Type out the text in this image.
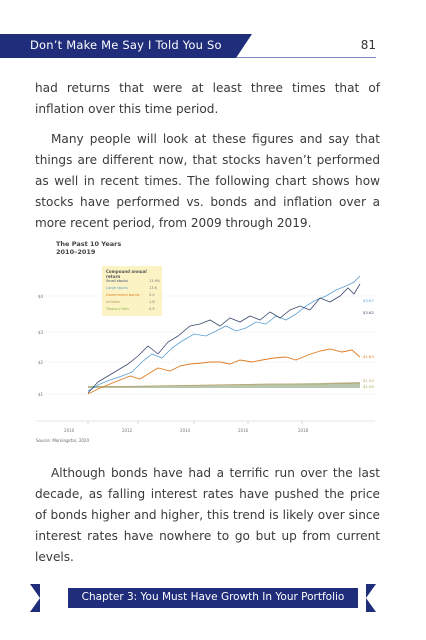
Don’t Make Me Say I Told You So	81
had returns that were at least three times that of inflation over this time period.
Many people will look at these figures and say that things are different now, that stocks haven’t performed as well in recent times. The following chart shows how stocks have performed vs. bonds and inflation over a more recent period, from 2009 through 2019.
The Past 10 Years
2010–2019
$4
$3
$2
$1
2010	2012	2014	2016	2018
$3.67
$3.62
$1.63
$1.20
$1.05
Compound annual return
Small stocks	13.9%
Large stocks	13.6
Government bonds	5.0
Inflation	1.8
Treasury bills	0.5
Source: Morningstar, 2020
Although bonds have had a terrific run over the last decade, as falling interest rates have pushed the price of bonds higher and higher, this trend is likely over since interest rates have nowhere to go but up from current levels.
Chapter 3: You Must Have Growth In Your Portfolio
